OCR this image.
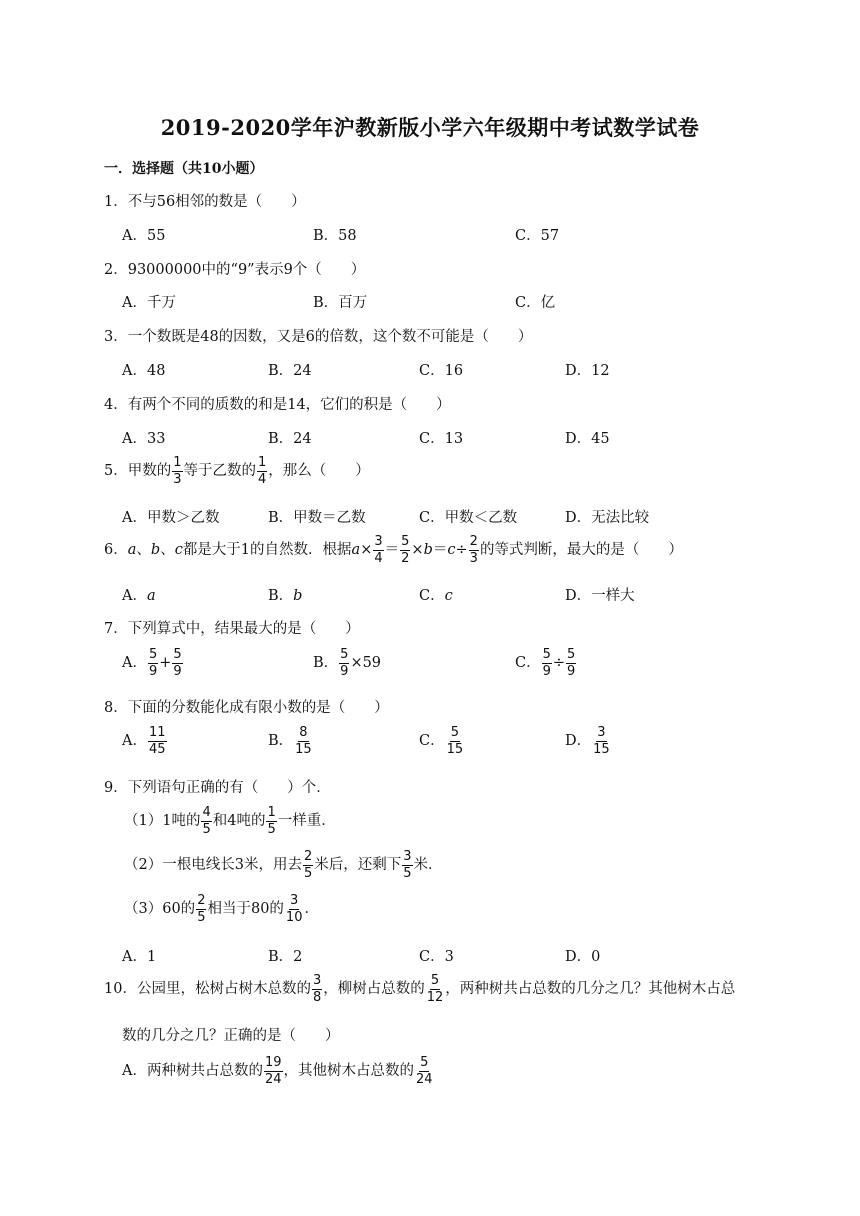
2019-2020学年沪教新版小学六年级期中考试数学试卷
一．选择题（共10小题）
1．不与56相邻的数是（　　）
A．55	B．58	C．57
2．93000000中的“9”表示9个（　　）
A．千万	B．百万	C．亿
3．一个数既是48的因数，又是6的倍数，这个数不可能是（　　）
A．48	B．24	C．16	D．12
4．有两个不同的质数的和是14，它们的积是（　　）
A．33	B．24	C．13	D．45
5．甲数的 $\frac{1}{3}$ 等于乙数的 $\frac{1}{4}$ ，那么（　　）
A．甲数＞乙数	B．甲数＝乙数	C．甲数＜乙数	D．无法比较
6．a、b、c都是大于1的自然数．根据$a\times \frac{3}{4} = \frac{5}{2} \times b=c\div \frac{2}{3}$ 的等式判断，最大的是（　　）
A．a	B．b	C．c	D．一样大
7．下列算式中，结果最大的是（　　）
A． $\frac{5}{9} + \frac{5}{9}$	B． $\frac{5}{9} \times 59$	C． $\frac{5}{9} \div \frac{5}{9}$
8．下面的分数能化成有限小数的是（　　）
A． $\frac{11}{45}$	B． $\frac{8}{15}$	C． $\frac{5}{15}$	D． $\frac{3}{15}$
9．下列语句正确的有（　　）个．
（1）1吨的 $\frac{4}{5}$ 和4吨的 $\frac{1}{5}$ 一样重．
（2）一根电线长3米，用去 $\frac{2}{5}$ 米后，还剩下 $\frac{3}{5}$ 米．
（3）60的 $\frac{2}{5}$ 相当于80的 $\frac{3}{10}$ ．
A．1	B．2	C．3	D．0
10．公园里，松树占树木总数的 $\frac{3}{8}$ ，柳树占总数的 $\frac{5}{12}$ ，两种树共占总数的几分之几？其他树木占总
数的几分之几？正确的是（　　）
A．两种树共占总数的 $\frac{19}{24}$ ，其他树木占总数的 $\frac{5}{24}$
